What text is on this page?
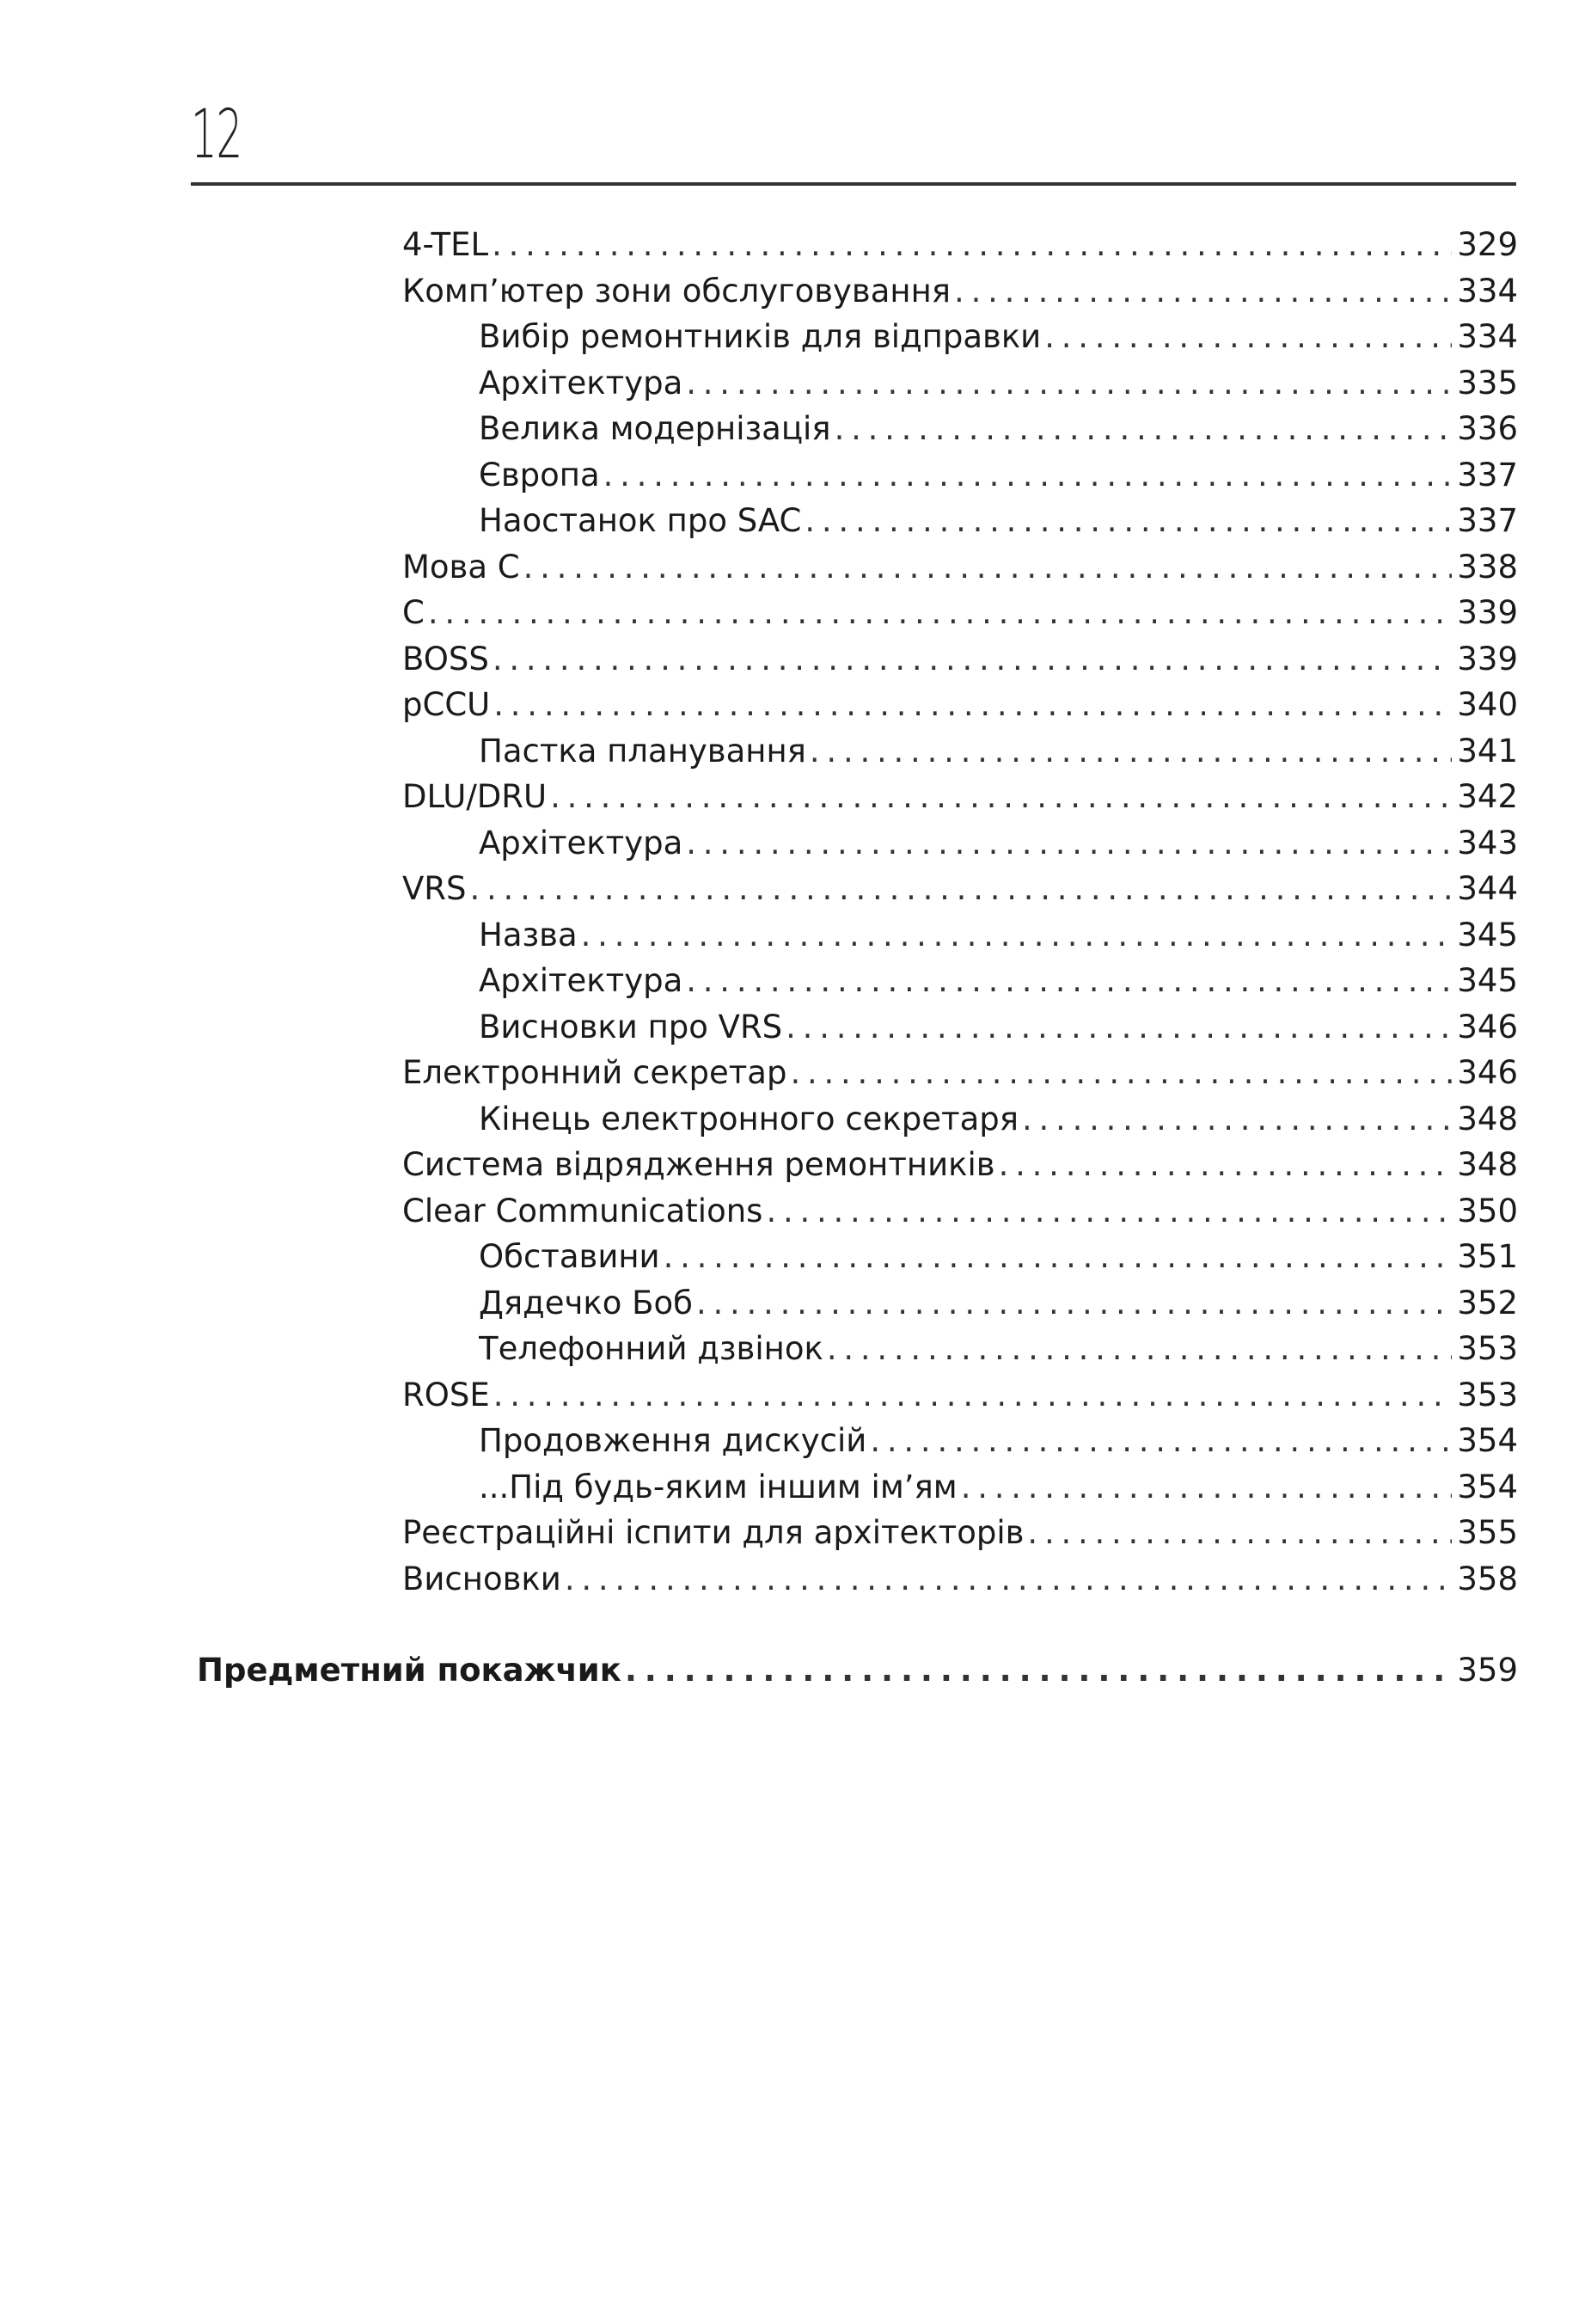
12
4-TEL . . .	329
Комп’ютер зони обслуговування . . .	334
Вибір ремонтників для відправки . . .	334
Архітектура . . .	335
Велика модернізація . . .	336
Європа . . .	337
Наостанок про SAC . . .	337
Мова С . . .	338
С . . .	339
BOSS . . .	339
pCCU . . .	340
Пастка планування . . .	341
DLU/DRU . . .	342
Архітектура . . .	343
VRS . . .	344
Назва . . .	345
Архітектура . . .	345
Висновки про VRS . . .	346
Електронний секретар . . .	346
Кінець електронного секретаря . . .	348
Система відрядження ремонтників . . .	348
Clear Communications . . .	350
Обставини . . .	351
Дядечко Боб . . .	352
Телефонний дзвінок . . .	353
ROSE . . .	353
Продовження дискусій . . .	354
...Під будь-яким іншим ім’ям . . .	354
Реєстраційні іспити для архітекторів . . .	355
Висновки . . .	358
Предметний покажчик . . .	359
